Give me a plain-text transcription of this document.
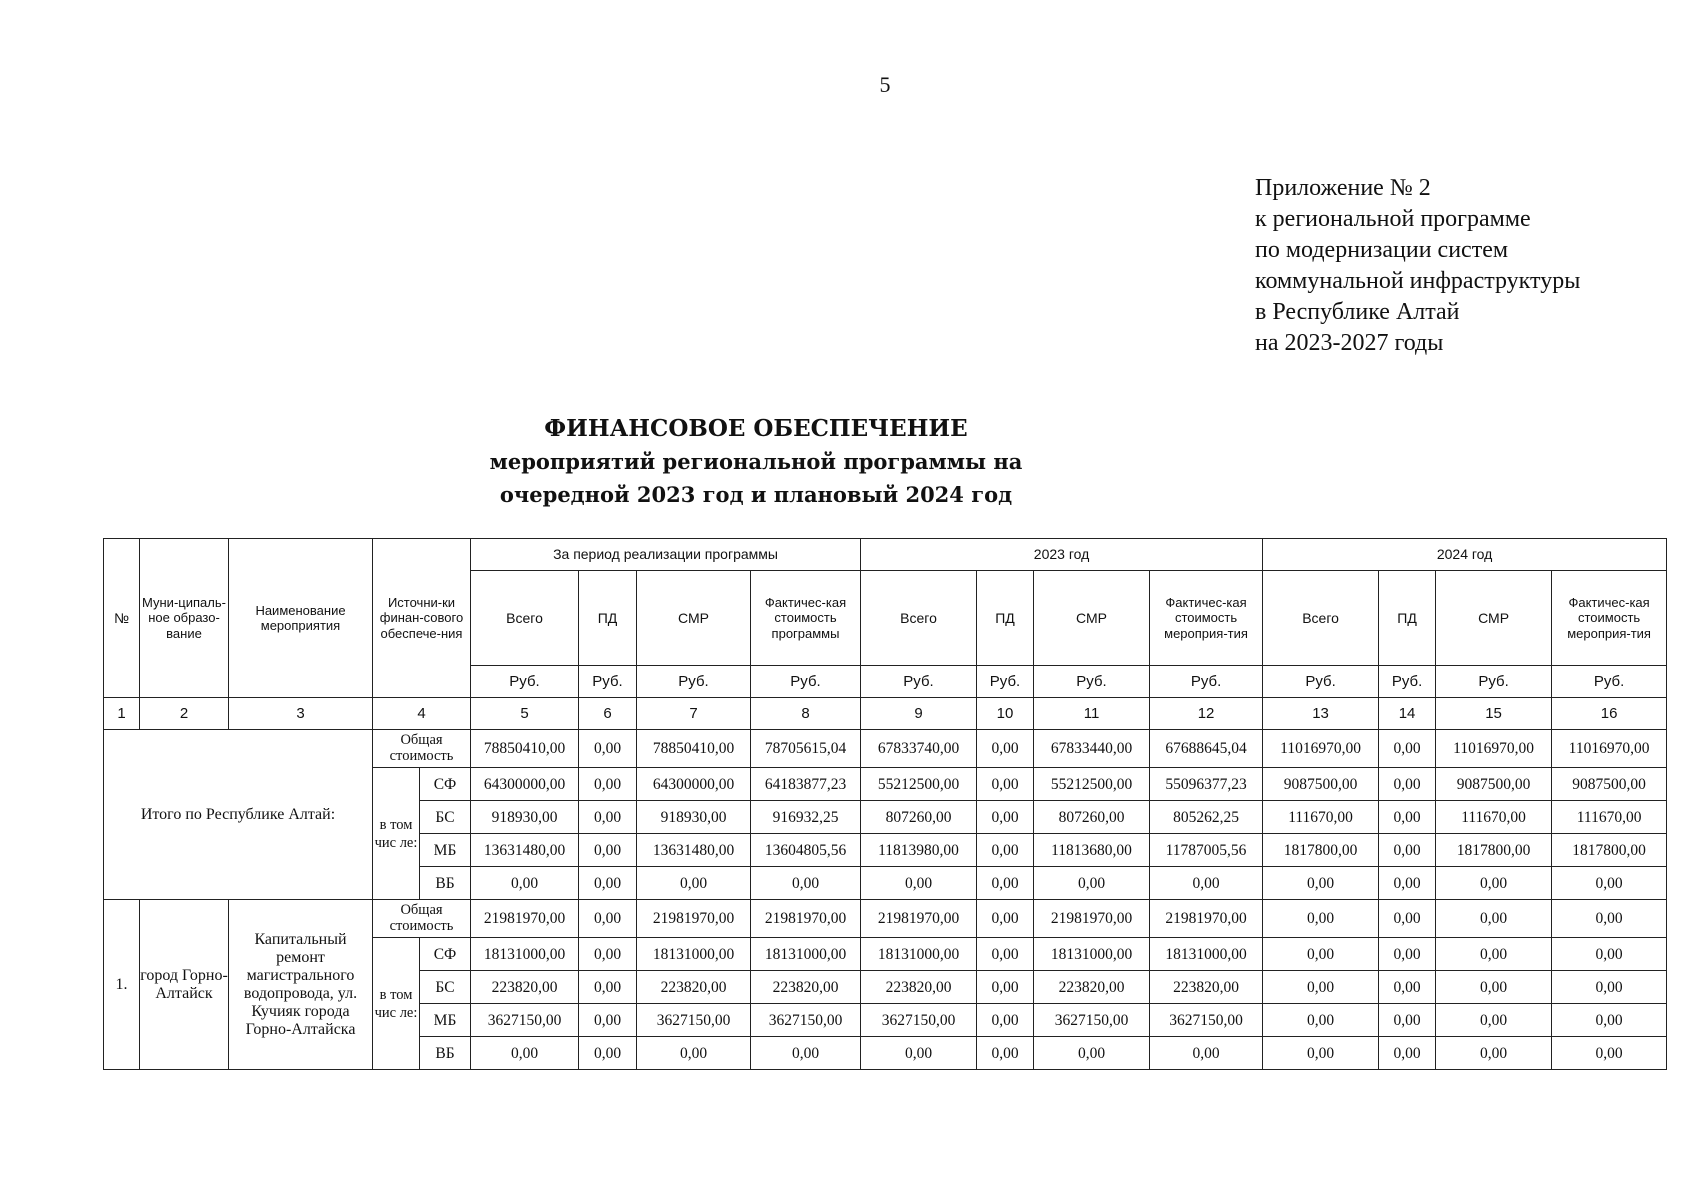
5
Приложение № 2
к региональной программе
по модернизации систем
коммунальной инфраструктуры
в Республике Алтай
на 2023-2027 годы
ФИНАНСОВОЕ ОБЕСПЕЧЕНИЕ
мероприятий региональной программы на
очередной 2023 год и плановый 2024 год
№	Муни-ципаль-ное образо-вание	Наименование мероприятия	Источни-ки финан-сового обеспече-ния		За период реализации программы				2023 год				2024 год			
					Всего	ПД	СМР	Фактичес-кая стоимость программы	Всего	ПД	СМР	Фактичес-кая стоимость мероприя-тия	Всего	ПД	СМР	Фактичес-кая стоимость мероприя-тия
					Руб.	Руб.	Руб.	Руб.	Руб.	Руб.	Руб.	Руб.	Руб.	Руб.	Руб.	Руб.
1	2	3	4		5	6	7	8	9	10	11	12	13	14	15	16
Итого по Республике Алтай:			Общая стоимость		78850410,00	0,00	78850410,00	78705615,04	67833740,00	0,00	67833440,00	67688645,04	11016970,00	0,00	11016970,00	11016970,00
			в том чис ле:	СФ	64300000,00	0,00	64300000,00	64183877,23	55212500,00	0,00	55212500,00	55096377,23	9087500,00	0,00	9087500,00	9087500,00
				БС	918930,00	0,00	918930,00	916932,25	807260,00	0,00	807260,00	805262,25	111670,00	0,00	111670,00	111670,00
				МБ	13631480,00	0,00	13631480,00	13604805,56	11813980,00	0,00	11813680,00	11787005,56	1817800,00	0,00	1817800,00	1817800,00
				ВБ	0,00	0,00	0,00	0,00	0,00	0,00	0,00	0,00	0,00	0,00	0,00	0,00
1.	город Горно-Алтайск	Капитальный ремонт магистрального водопровода, ул. Кучияк города Горно-Алтайска	Общая стоимость		21981970,00	0,00	21981970,00	21981970,00	21981970,00	0,00	21981970,00	21981970,00	0,00	0,00	0,00	0,00
			в том чис ле:	СФ	18131000,00	0,00	18131000,00	18131000,00	18131000,00	0,00	18131000,00	18131000,00	0,00	0,00	0,00	0,00
				БС	223820,00	0,00	223820,00	223820,00	223820,00	0,00	223820,00	223820,00	0,00	0,00	0,00	0,00
				МБ	3627150,00	0,00	3627150,00	3627150,00	3627150,00	0,00	3627150,00	3627150,00	0,00	0,00	0,00	0,00
				ВБ	0,00	0,00	0,00	0,00	0,00	0,00	0,00	0,00	0,00	0,00	0,00	0,00
